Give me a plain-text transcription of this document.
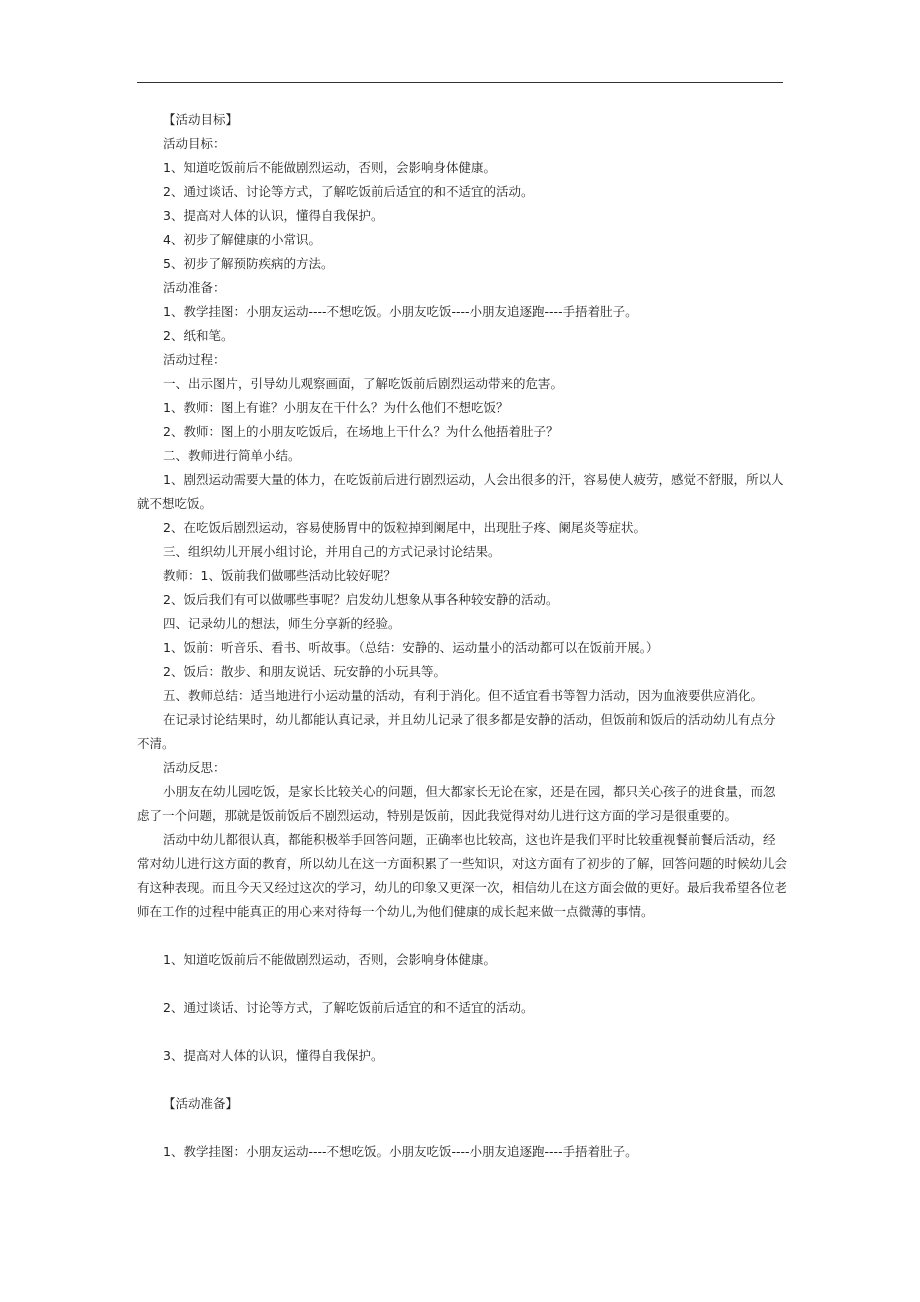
【活动目标】

活动目标：

1、知道吃饭前后不能做剧烈运动，否则，会影响身体健康。

2、通过谈话、讨论等方式，了解吃饭前后适宜的和不适宜的活动。

3、提高对人体的认识，懂得自我保护。

4、初步了解健康的小常识。

5、初步了解预防疾病的方法。

活动准备：

1、教学挂图：小朋友运动----不想吃饭。小朋友吃饭----小朋友追逐跑----手捂着肚子。

2、纸和笔。

活动过程：

一、出示图片，引导幼儿观察画面，了解吃饭前后剧烈运动带来的危害。

1、教师：图上有谁？小朋友在干什么？为什么他们不想吃饭？

2、教师：图上的小朋友吃饭后，在场地上干什么？为什么他捂着肚子？

二、教师进行简单小结。

1、剧烈运动需要大量的体力，在吃饭前后进行剧烈运动，人会出很多的汗，容易使人疲劳，感觉不舒服，所以人就不想吃饭。

2、在吃饭后剧烈运动，容易使肠胃中的饭粒掉到阑尾中，出现肚子疼、阑尾炎等症状。

三、组织幼儿开展小组讨论，并用自己的方式记录讨论结果。

教师：1、饭前我们做哪些活动比较好呢？

2、饭后我们有可以做哪些事呢？启发幼儿想象从事各种较安静的活动。

四、记录幼儿的想法，师生分享新的经验。

1、饭前：听音乐、看书、听故事。（总结：安静的、运动量小的活动都可以在饭前开展。）

2、饭后：散步、和朋友说话、玩安静的小玩具等。

五、教师总结：适当地进行小运动量的活动，有利于消化。但不适宜看书等智力活动，因为血液要供应消化。

在记录讨论结果时，幼儿都能认真记录，并且幼儿记录了很多都是安静的活动，但饭前和饭后的活动幼儿有点分不清。

活动反思：

小朋友在幼儿园吃饭，是家长比较关心的问题，但大都家长无论在家，还是在园，都只关心孩子的进食量，而忽虑了一个问题，那就是饭前饭后不剧烈运动，特别是饭前，因此我觉得对幼儿进行这方面的学习是很重要的。

活动中幼儿都很认真，都能积极举手回答问题，正确率也比较高，这也许是我们平时比较重视餐前餐后活动，经常对幼儿进行这方面的教育，所以幼儿在这一方面积累了一些知识，对这方面有了初步的了解，回答问题的时候幼儿会有这种表现。而且今天又经过这次的学习，幼儿的印象又更深一次，相信幼儿在这方面会做的更好。最后我希望各位老师在工作的过程中能真正的用心来对待每一个幼儿,为他们健康的成长起来做一点微薄的事情。

1、知道吃饭前后不能做剧烈运动，否则，会影响身体健康。

2、通过谈话、讨论等方式，了解吃饭前后适宜的和不适宜的活动。

3、提高对人体的认识，懂得自我保护。

【活动准备】

1、教学挂图：小朋友运动----不想吃饭。小朋友吃饭----小朋友追逐跑----手捂着肚子。
